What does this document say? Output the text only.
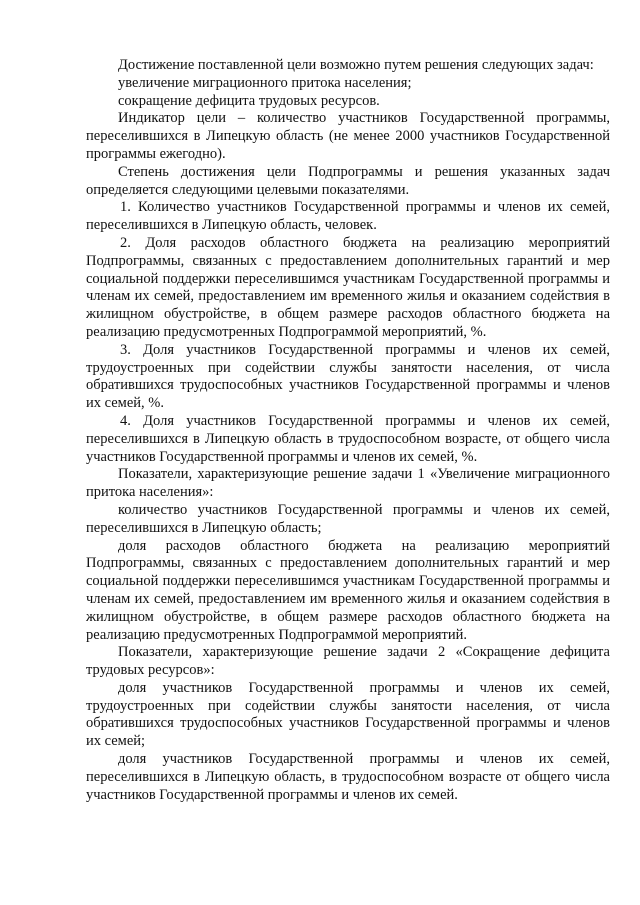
Достижение поставленной цели возможно путем решения следующих задач:

увеличение миграционного притока населения;

сокращение дефицита трудовых ресурсов.

Индикатор цели – количество участников Государственной программы, переселившихся в Липецкую область (не менее 2000 участников Государственной программы ежегодно).

Степень достижения цели Подпрограммы и решения указанных задач определяется следующими целевыми показателями.

1. Количество участников Государственной программы и членов их семей, переселившихся в Липецкую область, человек.

2. Доля расходов областного бюджета на реализацию мероприятий Подпрограммы, связанных с предоставлением дополнительных гарантий и мер социальной поддержки переселившимся участникам Государственной программы и членам их семей, предоставлением им временного жилья и оказанием содействия в жилищном обустройстве, в общем размере расходов областного бюджета на реализацию предусмотренных Подпрограммой мероприятий, %.

3. Доля участников Государственной программы и членов их семей, трудоустроенных при содействии службы занятости населения, от числа обратившихся трудоспособных участников Государственной программы и членов их семей, %.

4. Доля участников Государственной программы и членов их семей, переселившихся в Липецкую область в трудоспособном возрасте, от общего числа участников Государственной программы и членов их семей, %.

Показатели, характеризующие решение задачи 1 «Увеличение миграционного притока населения»:

количество участников Государственной программы и членов их семей, переселившихся в Липецкую область;

доля расходов областного бюджета на реализацию мероприятий Подпрограммы, связанных с предоставлением дополнительных гарантий и мер социальной поддержки переселившимся участникам Государственной программы и членам их семей, предоставлением им временного жилья и оказанием содействия в жилищном обустройстве, в общем размере расходов областного бюджета на реализацию предусмотренных Подпрограммой мероприятий.

Показатели, характеризующие решение задачи 2 «Сокращение дефицита трудовых ресурсов»:

доля участников Государственной программы и членов их семей, трудоустроенных при содействии службы занятости населения, от числа обратившихся трудоспособных участников Государственной программы и членов их семей;

доля участников Государственной программы и членов их семей, переселившихся в Липецкую область, в трудоспособном возрасте от общего числа участников Государственной программы и членов их семей.
